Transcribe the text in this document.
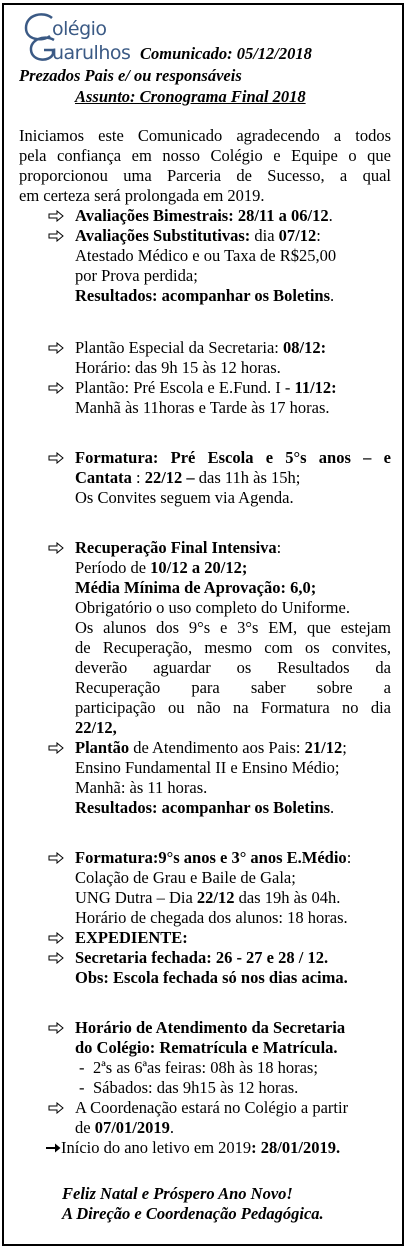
olégio
uarulhos Comunicado: 05/12/2018
Prezados Pais e/ ou responsáveis
Assunto: Cronograma Final 2018
Iniciamos este Comunicado agradecendo a todos
pela confiança em nosso Colégio e Equipe o que
proporcionou uma Parceria de Sucesso, a qual
em certeza será prolongada em 2019.
Avaliações Bimestrais: 28/11 a 06/12.
Avaliações Substitutivas: dia 07/12:
Atestado Médico e ou Taxa de R$25,00
por Prova perdida;
Resultados: acompanhar os Boletins.
Plantão Especial da Secretaria: 08/12:
Horário: das 9h 15 às 12 horas.
Plantão: Pré Escola e E.Fund. I - 11/12:
Manhã às 11horas e Tarde às 17 horas.
Formatura: Pré Escola e 5°s anos – e
Cantata : 22/12 – das 11h às 15h;
Os Convites seguem via Agenda.
Recuperação Final Intensiva:
Período de 10/12 a 20/12;
Média Mínima de Aprovação: 6,0;
Obrigatório o uso completo do Uniforme.
Os alunos dos 9°s e 3°s EM, que estejam
de Recuperação, mesmo com os convites,
deverão aguardar os Resultados da
Recuperação para saber sobre a
participação ou não na Formatura no dia
22/12,
Plantão de Atendimento aos Pais: 21/12;
Ensino Fundamental II e Ensino Médio;
Manhã: às 11 horas.
Resultados: acompanhar os Boletins.
Formatura:9°s anos e 3° anos E.Médio:
Colação de Grau e Baile de Gala;
UNG Dutra – Dia 22/12 das 19h às 04h.
Horário de chegada dos alunos: 18 horas.
EXPEDIENTE:
Secretaria fechada: 26 - 27 e 28 / 12.
Obs: Escola fechada só nos dias acima.
Horário de Atendimento da Secretaria
do Colégio: Rematrícula e Matrícula.
- 2ªs as 6ªas feiras: 08h às 18 horas;
- Sábados: das 9h15 às 12 horas.
A Coordenação estará no Colégio a partir
de 07/01/2019.
Início do ano letivo em 2019: 28/01/2019.
Feliz Natal e Próspero Ano Novo!
A Direção e Coordenação Pedagógica.
